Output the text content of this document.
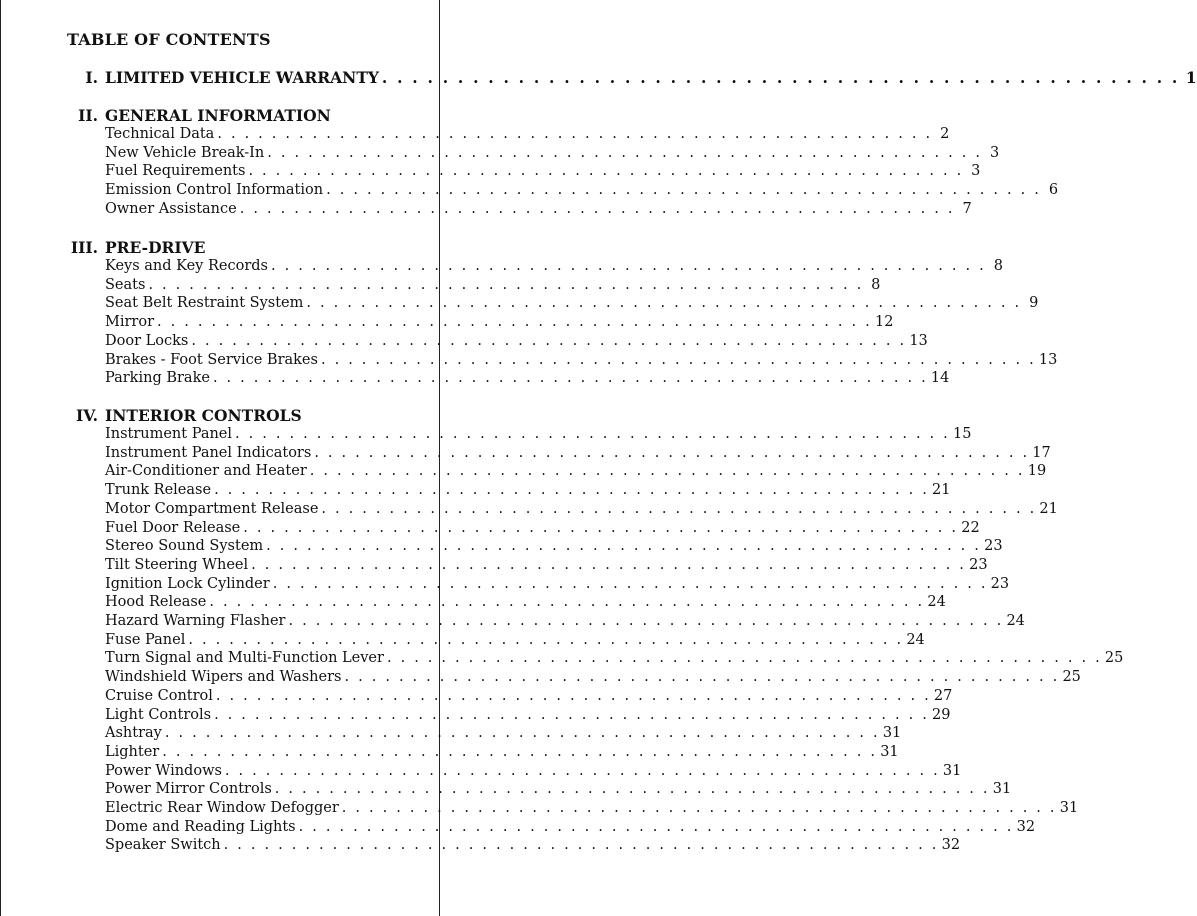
TABLE OF CONTENTS
I. LIMITED VEHICLE WARRANTY . . . . . . . . . . . . . . . . . . . . . . . . . . . . . . . . . . . . . . . . . . . . . . . . . . . . . 1
II. GENERAL INFORMATION
Technical Data . . . . . . . . . . . . . . . . . . . . . . . . . . . . . . . . . . . . . . . . . . . . . . . . . . . . . 2
New Vehicle Break-In . . . . . . . . . . . . . . . . . . . . . . . . . . . . . . . . . . . . . . . . . . . . . . . . . . . . . 3
Fuel Requirements . . . . . . . . . . . . . . . . . . . . . . . . . . . . . . . . . . . . . . . . . . . . . . . . . . . . . 3
Emission Control Information . . . . . . . . . . . . . . . . . . . . . . . . . . . . . . . . . . . . . . . . . . . . . . . . . . . . . 6
Owner Assistance . . . . . . . . . . . . . . . . . . . . . . . . . . . . . . . . . . . . . . . . . . . . . . . . . . . . . 7
III. PRE-DRIVE
Keys and Key Records . . . . . . . . . . . . . . . . . . . . . . . . . . . . . . . . . . . . . . . . . . . . . . . . . . . . . 8
Seats . . . . . . . . . . . . . . . . . . . . . . . . . . . . . . . . . . . . . . . . . . . . . . . . . . . . . 8
Seat Belt Restraint System . . . . . . . . . . . . . . . . . . . . . . . . . . . . . . . . . . . . . . . . . . . . . . . . . . . . . 9
Mirror . . . . . . . . . . . . . . . . . . . . . . . . . . . . . . . . . . . . . . . . . . . . . . . . . . . . . 12
Door Locks . . . . . . . . . . . . . . . . . . . . . . . . . . . . . . . . . . . . . . . . . . . . . . . . . . . . . 13
Brakes - Foot Service Brakes . . . . . . . . . . . . . . . . . . . . . . . . . . . . . . . . . . . . . . . . . . . . . . . . . . . . . 13
Parking Brake . . . . . . . . . . . . . . . . . . . . . . . . . . . . . . . . . . . . . . . . . . . . . . . . . . . . . 14
IV. INTERIOR CONTROLS
Instrument Panel . . . . . . . . . . . . . . . . . . . . . . . . . . . . . . . . . . . . . . . . . . . . . . . . . . . . . 15
Instrument Panel Indicators . . . . . . . . . . . . . . . . . . . . . . . . . . . . . . . . . . . . . . . . . . . . . . . . . . . . . 17
Air-Conditioner and Heater . . . . . . . . . . . . . . . . . . . . . . . . . . . . . . . . . . . . . . . . . . . . . . . . . . . . . 19
Trunk Release . . . . . . . . . . . . . . . . . . . . . . . . . . . . . . . . . . . . . . . . . . . . . . . . . . . . . 21
Motor Compartment Release . . . . . . . . . . . . . . . . . . . . . . . . . . . . . . . . . . . . . . . . . . . . . . . . . . . . . 21
Fuel Door Release . . . . . . . . . . . . . . . . . . . . . . . . . . . . . . . . . . . . . . . . . . . . . . . . . . . . . 22
Stereo Sound System . . . . . . . . . . . . . . . . . . . . . . . . . . . . . . . . . . . . . . . . . . . . . . . . . . . . . 23
Tilt Steering Wheel . . . . . . . . . . . . . . . . . . . . . . . . . . . . . . . . . . . . . . . . . . . . . . . . . . . . . 23
Ignition Lock Cylinder . . . . . . . . . . . . . . . . . . . . . . . . . . . . . . . . . . . . . . . . . . . . . . . . . . . . . 23
Hood Release . . . . . . . . . . . . . . . . . . . . . . . . . . . . . . . . . . . . . . . . . . . . . . . . . . . . . 24
Hazard Warning Flasher . . . . . . . . . . . . . . . . . . . . . . . . . . . . . . . . . . . . . . . . . . . . . . . . . . . . . 24
Fuse Panel . . . . . . . . . . . . . . . . . . . . . . . . . . . . . . . . . . . . . . . . . . . . . . . . . . . . . 24
Turn Signal and Multi-Function Lever . . . . . . . . . . . . . . . . . . . . . . . . . . . . . . . . . . . . . . . . . . . . . . . . . . . . . 25
Windshield Wipers and Washers . . . . . . . . . . . . . . . . . . . . . . . . . . . . . . . . . . . . . . . . . . . . . . . . . . . . . 25
Cruise Control . . . . . . . . . . . . . . . . . . . . . . . . . . . . . . . . . . . . . . . . . . . . . . . . . . . . . 27
Light Controls . . . . . . . . . . . . . . . . . . . . . . . . . . . . . . . . . . . . . . . . . . . . . . . . . . . . . 29
Ashtray . . . . . . . . . . . . . . . . . . . . . . . . . . . . . . . . . . . . . . . . . . . . . . . . . . . . . 31
Lighter . . . . . . . . . . . . . . . . . . . . . . . . . . . . . . . . . . . . . . . . . . . . . . . . . . . . . 31
Power Windows . . . . . . . . . . . . . . . . . . . . . . . . . . . . . . . . . . . . . . . . . . . . . . . . . . . . . 31
Power Mirror Controls . . . . . . . . . . . . . . . . . . . . . . . . . . . . . . . . . . . . . . . . . . . . . . . . . . . . . 31
Electric Rear Window Defogger . . . . . . . . . . . . . . . . . . . . . . . . . . . . . . . . . . . . . . . . . . . . . . . . . . . . . 31
Dome and Reading Lights . . . . . . . . . . . . . . . . . . . . . . . . . . . . . . . . . . . . . . . . . . . . . . . . . . . . . 32
Speaker Switch . . . . . . . . . . . . . . . . . . . . . . . . . . . . . . . . . . . . . . . . . . . . . . . . . . . . . 32
